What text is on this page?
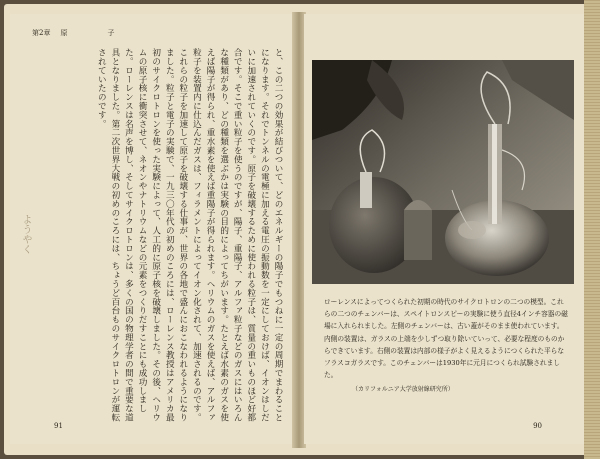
第2章 原	子
と、この二つの効果が結びついて、どのエネルギーの陽子でもつねに一定の周期でまわることになります。それでトンネルの電極に加える電圧の振動数を一定にしておけば、イオンはしだいに加速されていくのです。原子を破壊するために使われる粒子は、質量の重いものほど好都合です。そこで重い粒子を使うのですが、陽子、重陽子、アルファ粒子などのガスにはいろんな種類があり、どの種類を選ぶかは実験の目的によってちがいます。たとえば水素のガスを使えば陽子が得られ、重水素を使えば重陽子が得られます。ヘリウムのガスを使えば、アルファ粒子を装置内に仕込んだガスは、フィラメントによってイオン化されて、加速されるのです。これらの粒子を加速して原子を破壊する仕事が、世界の各地で盛んにおこなわれるようになりました。粒子と電子の実験で、一九三〇年代の初めのころには、ローレンス教授はアメリカ最初のサイクロトロンを使った実験によって、人工的に原子核を破壊しました。その後、ヘリウムの原子核に衝突させて、ネオンやナトリウムなどの元素をつくりだすことにも成功しました。ローレンスは名声を博し、そしてサイクロトロンは、多くの国の物理学者の間で重要な道具となりました。第二次世界大戦の初めのころには、ちょうど百台ものサイクロトロンが運転されていたのです。
ようやく
91
ローレンスによってつくられた初期の時代のサイクロトロンの二つの模型。これらの二つのチェンバーは、スペイトロンスピーの実験に使う直径4インチ容器の磁場に入れられました。左側のチェンバーは、古い蓋がそのまま使われています。内側の装置は、ガラスの上端を少しずつ取り除いていって、必要な程度のものからできています。右側の装置は内部の様子がよく見えるようにつくられた平らなフラスコガラスです。このチェンバーは1930年に元月につくられ試験されました。
（カリフォルニア大学放射線研究所）
90
